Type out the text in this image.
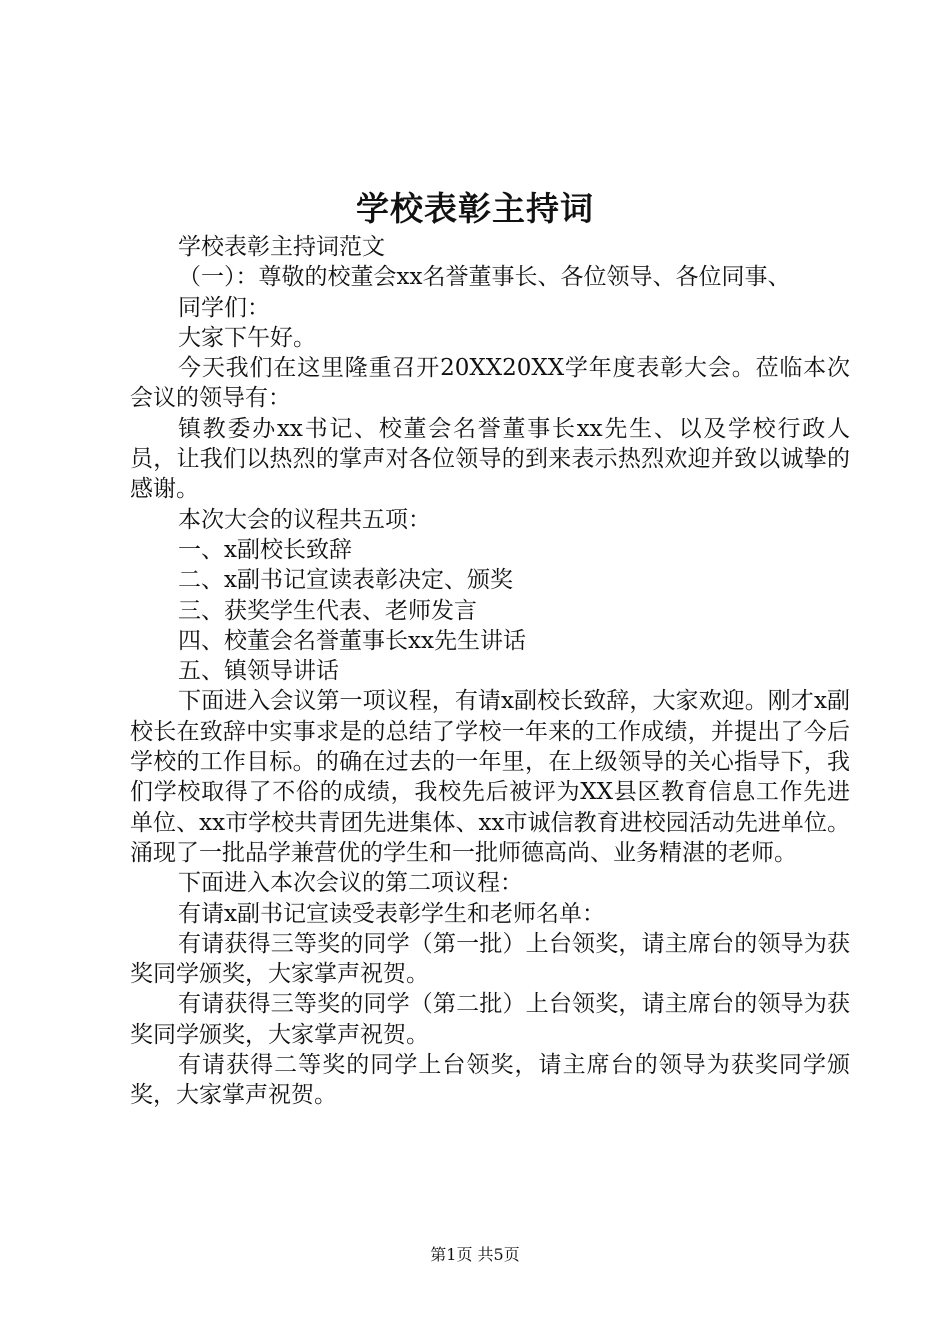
学校表彰主持词

学校表彰主持词范文

（一）：尊敬的校董会xx名誉董事长、各位领导、各位同事、

同学们：

大家下午好。

今天我们在这里隆重召开20XX20XX学年度表彰大会。莅临本次会议的领导有：

镇教委办xx书记、校董会名誉董事长xx先生、以及学校行政人员，让我们以热烈的掌声对各位领导的到来表示热烈欢迎并致以诚挚的感谢。

本次大会的议程共五项：

一、x副校长致辞

二、x副书记宣读表彰决定、颁奖

三、获奖学生代表、老师发言

四、校董会名誉董事长xx先生讲话

五、镇领导讲话

下面进入会议第一项议程，有请x副校长致辞，大家欢迎。刚才x副校长在致辞中实事求是的总结了学校一年来的工作成绩，并提出了今后学校的工作目标。的确在过去的一年里，在上级领导的关心指导下，我们学校取得了不俗的成绩，我校先后被评为XX县区教育信息工作先进单位、xx市学校共青团先进集体、xx市诚信教育进校园活动先进单位。涌现了一批品学兼营优的学生和一批师德高尚、业务精湛的老师。

下面进入本次会议的第二项议程：

有请x副书记宣读受表彰学生和老师名单：

有请获得三等奖的同学（第一批）上台领奖，请主席台的领导为获奖同学颁奖，大家掌声祝贺。

有请获得三等奖的同学（第二批）上台领奖，请主席台的领导为获奖同学颁奖，大家掌声祝贺。

有请获得二等奖的同学上台领奖，请主席台的领导为获奖同学颁奖，大家掌声祝贺。

第1页 共5页
